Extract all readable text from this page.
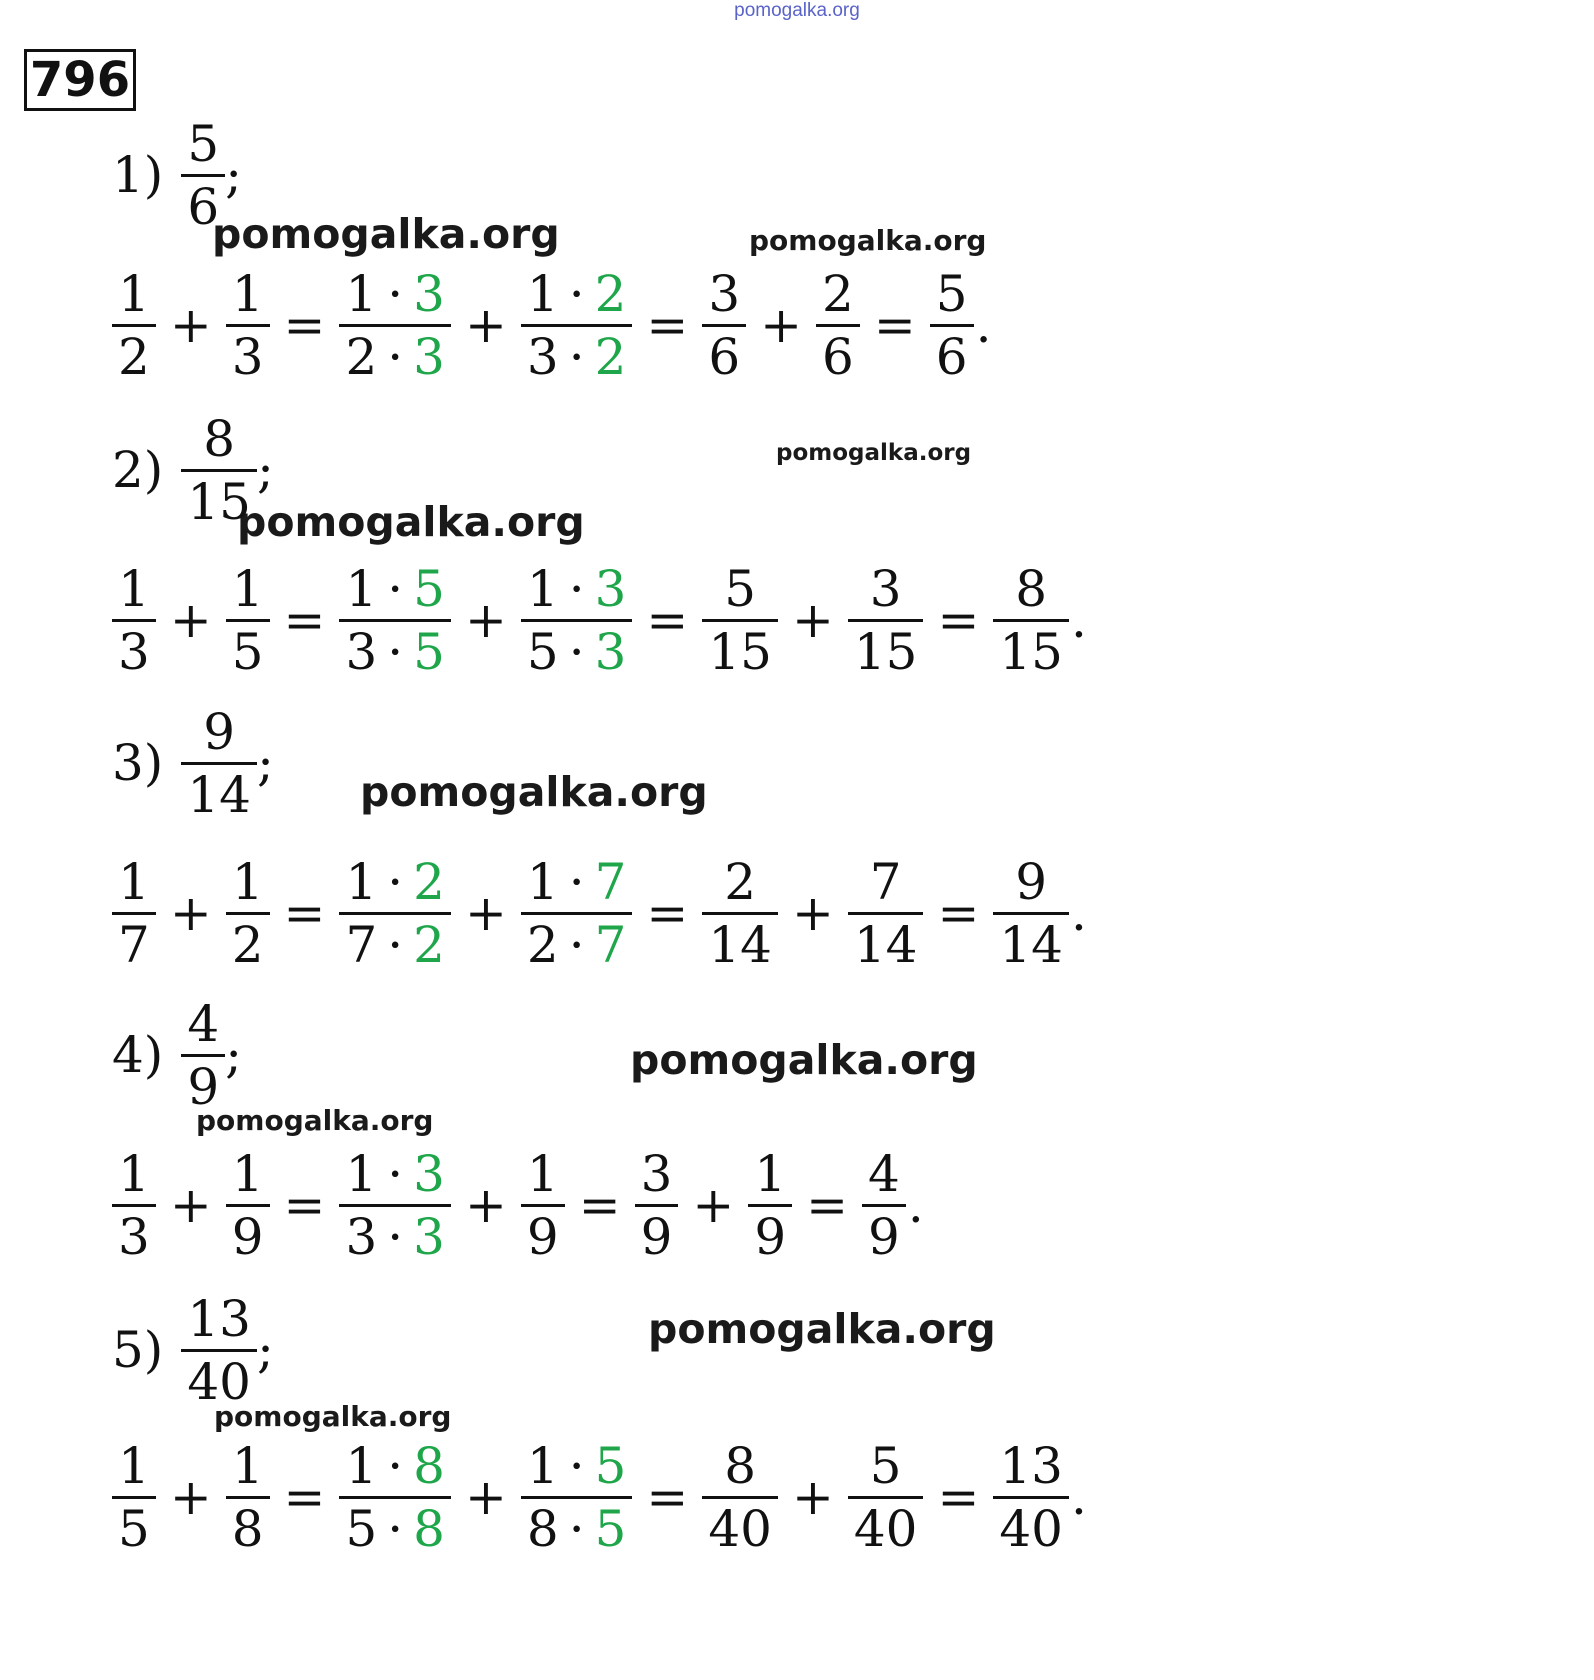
pomogalka.org
796
pomogalka.org	pomogalka.org
pomogalka.org
pomogalka.org
pomogalka.org
pomogalka.org
pomogalka.org
pomogalka.org
pomogalka.org
$1) \frac{5}{6}$ ;
$\frac{1}{2} + \frac{1}{3} = \frac{1 \cdot 3}{2 \cdot 3} + \frac{1 \cdot 2}{3 \cdot 2} = \frac{3}{6} + \frac{2}{6} = \frac{5}{6}$ .
$2) \frac{8}{15}$ ;
$\frac{1}{3} + \frac{1}{5} = \frac{1 \cdot 5}{3 \cdot 5} + \frac{1 \cdot 3}{5 \cdot 3} = \frac{5}{15} + \frac{3}{15} = \frac{8}{15}$ .
$3) \frac{9}{14}$ ;
$\frac{1}{7} + \frac{1}{2} = \frac{1 \cdot 2}{7 \cdot 2} + \frac{1 \cdot 7}{2 \cdot 7} = \frac{2}{14} + \frac{7}{14} = \frac{9}{14}$ .
$4) \frac{4}{9}$ ;
$\frac{1}{3} + \frac{1}{9} = \frac{1 \cdot 3}{3 \cdot 3} + \frac{1}{9} = \frac{3}{9} + \frac{1}{9} = \frac{4}{9}$ .
$5) \frac{13}{40}$ ;
$\frac{1}{5} + \frac{1}{8} = \frac{1 \cdot 8}{5 \cdot 8} + \frac{1 \cdot 5}{8 \cdot 5} = \frac{8}{40} + \frac{5}{40} = \frac{13}{40}$ .
